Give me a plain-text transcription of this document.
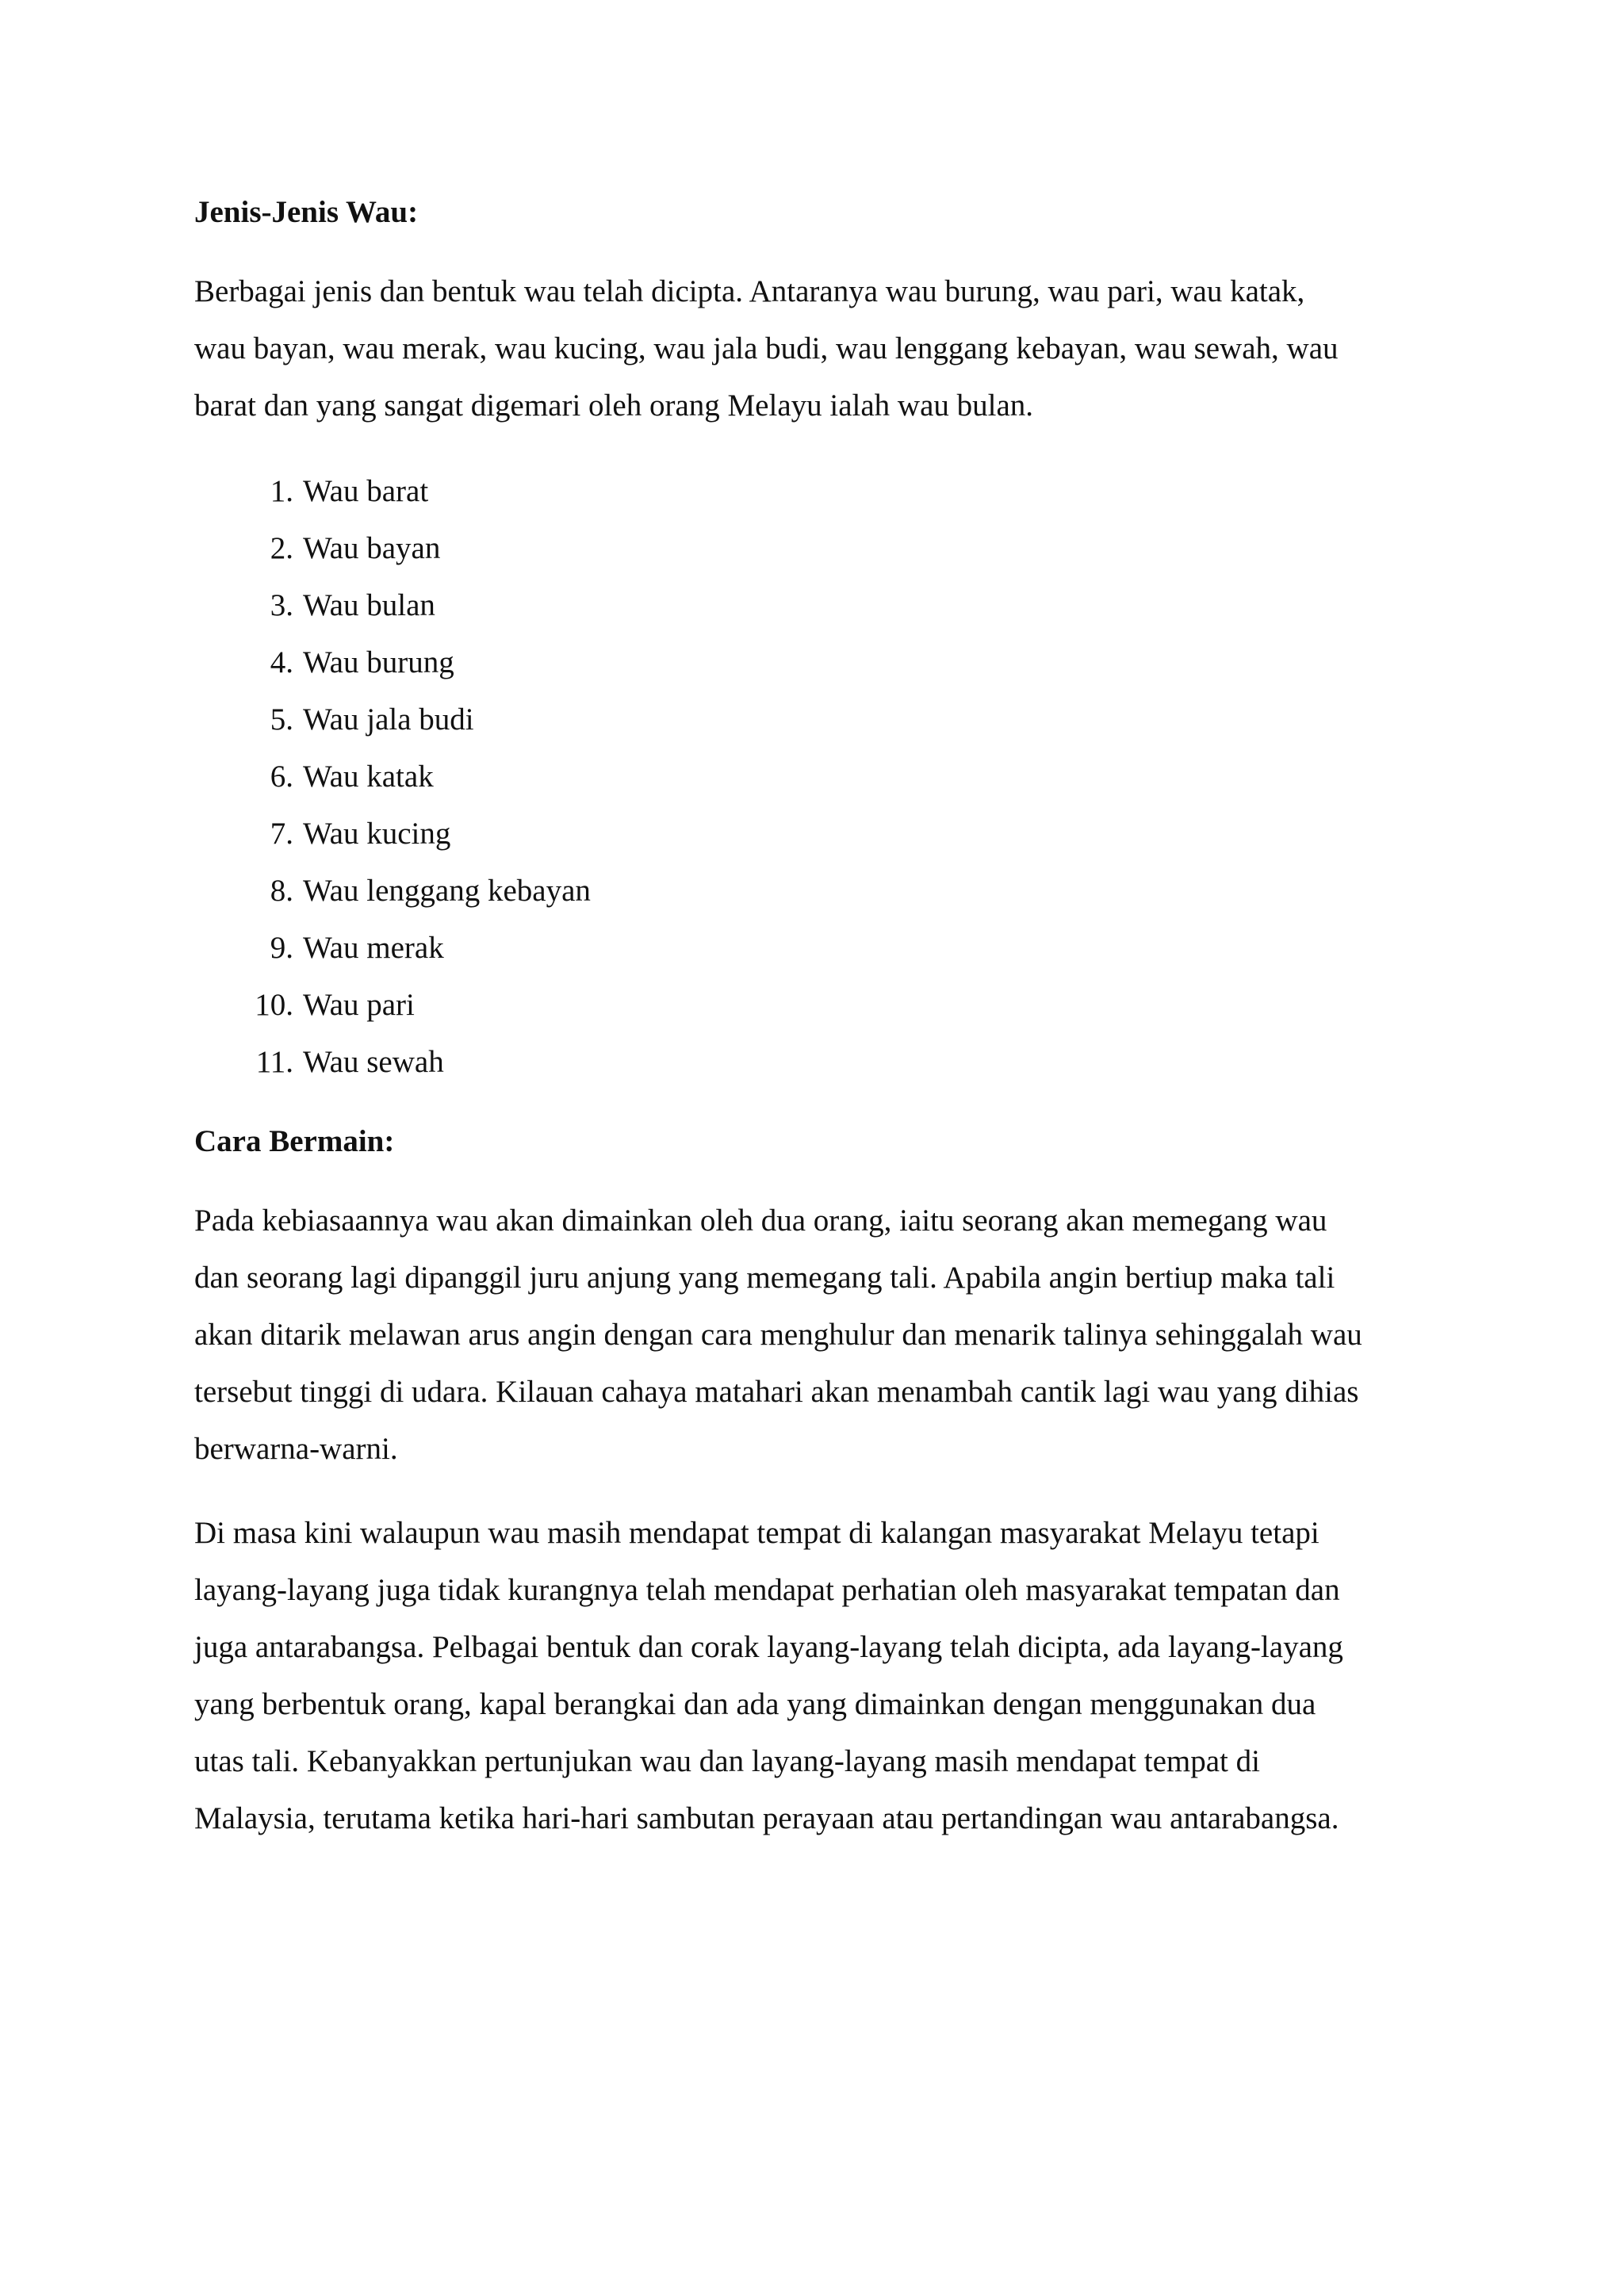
Jenis-Jenis Wau:

Berbagai jenis dan bentuk wau telah dicipta. Antaranya wau burung, wau pari, wau katak,

wau bayan, wau merak, wau kucing, wau jala budi, wau lenggang kebayan, wau sewah, wau

barat dan yang sangat digemari oleh orang Melayu ialah wau bulan.

1. Wau barat
2. Wau bayan
3. Wau bulan
4. Wau burung
5. Wau jala budi
6. Wau katak
7. Wau kucing
8. Wau lenggang kebayan
9. Wau merak
10. Wau pari
11. Wau sewah

Cara Bermain:

Pada kebiasaannya wau akan dimainkan oleh dua orang, iaitu seorang akan memegang wau

dan seorang lagi dipanggil juru anjung yang memegang tali. Apabila angin bertiup maka tali

akan ditarik melawan arus angin dengan cara menghulur dan menarik talinya sehinggalah wau

tersebut tinggi di udara. Kilauan cahaya matahari akan menambah cantik lagi wau yang dihias

berwarna-warni.

Di masa kini walaupun wau masih mendapat tempat di kalangan masyarakat Melayu tetapi

layang-layang juga tidak kurangnya telah mendapat perhatian oleh masyarakat tempatan dan

juga antarabangsa. Pelbagai bentuk dan corak layang-layang telah dicipta, ada layang-layang

yang berbentuk orang, kapal berangkai dan ada yang dimainkan dengan menggunakan dua

utas tali. Kebanyakkan pertunjukan wau dan layang-layang masih mendapat tempat di

Malaysia, terutama ketika hari-hari sambutan perayaan atau pertandingan wau antarabangsa.
